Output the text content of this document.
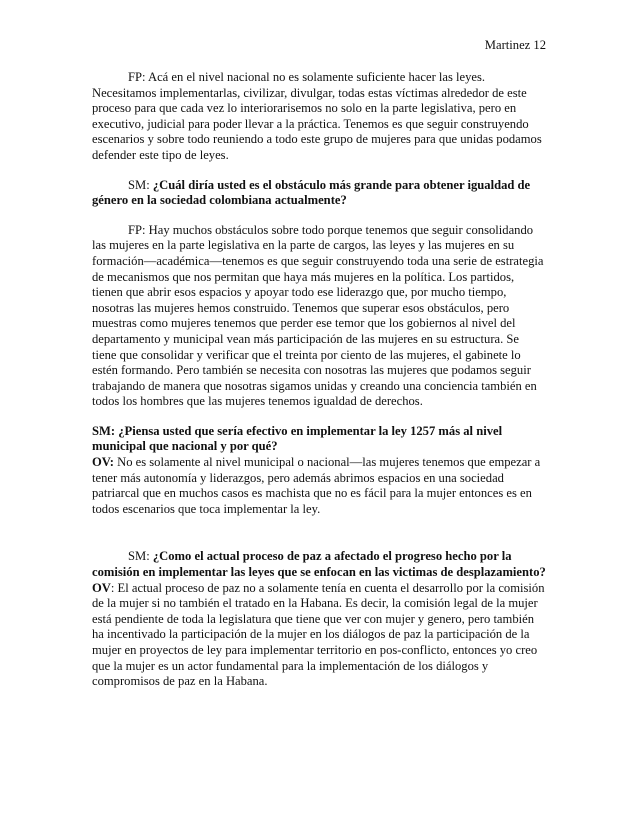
Martinez 12

FP: Acá en el nivel nacional no es solamente suficiente hacer las leyes. Necesitamos implementarlas, civilizar, divulgar, todas estas víctimas alrededor de este proceso para que cada vez lo interiorarisemos no solo en la parte legislativa, pero en executivo, judicial para poder llevar a la práctica. Tenemos es que seguir construyendo escenarios y sobre todo reuniendo a todo este grupo de mujeres para que unidas podamos defender este tipo de leyes.

SM: ¿Cuál diría usted es el obstáculo más grande para obtener igualdad de género en la sociedad colombiana actualmente?

FP: Hay muchos obstáculos sobre todo porque tenemos que seguir consolidando las mujeres en la parte legislativa en la parte de cargos, las leyes y las mujeres en su formación—académica—tenemos es que seguir construyendo toda una serie de estrategia de mecanismos que nos permitan que haya más mujeres en la política. Los partidos, tienen que abrir esos espacios y apoyar todo ese liderazgo que, por mucho tiempo, nosotras las mujeres hemos construido. Tenemos que superar esos obstáculos, pero muestras como mujeres tenemos que perder ese temor que los gobiernos al nivel del departamento y municipal vean más participación de las mujeres en su estructura. Se tiene que consolidar y verificar que el treinta por ciento de las mujeres, el gabinete lo estén formando. Pero también se necesita con nosotras las mujeres que podamos seguir trabajando de manera que nosotras sigamos unidas y creando una conciencia también en todos los hombres que las mujeres tenemos igualdad de derechos.

SM: ¿Piensa usted que sería efectivo en implementar la ley 1257 más al nivel municipal que nacional y por qué?
OV: No es solamente al nivel municipal o nacional—las mujeres tenemos que empezar a tener más autonomía y liderazgos, pero además abrimos espacios en una sociedad patriarcal que en muchos casos es machista que no es fácil para la mujer entonces es en todos escenarios que toca implementar la ley.

SM: ¿Como el actual proceso de paz a afectado el progreso hecho por la comisión en implementar las leyes que se enfocan en las victimas de desplazamiento?
OV: El actual proceso de paz no a solamente tenía en cuenta el desarrollo por la comisión de la mujer si no también el tratado en la Habana. Es decir, la comisión legal de la mujer está pendiente de toda la legislatura que tiene que ver con mujer y genero, pero también ha incentivado la participación de la mujer en los diálogos de paz la participación de la mujer en proyectos de ley para implementar territorio en pos-conflicto, entonces yo creo que la mujer es un actor fundamental para la implementación de los diálogos y compromisos de paz en la Habana.
